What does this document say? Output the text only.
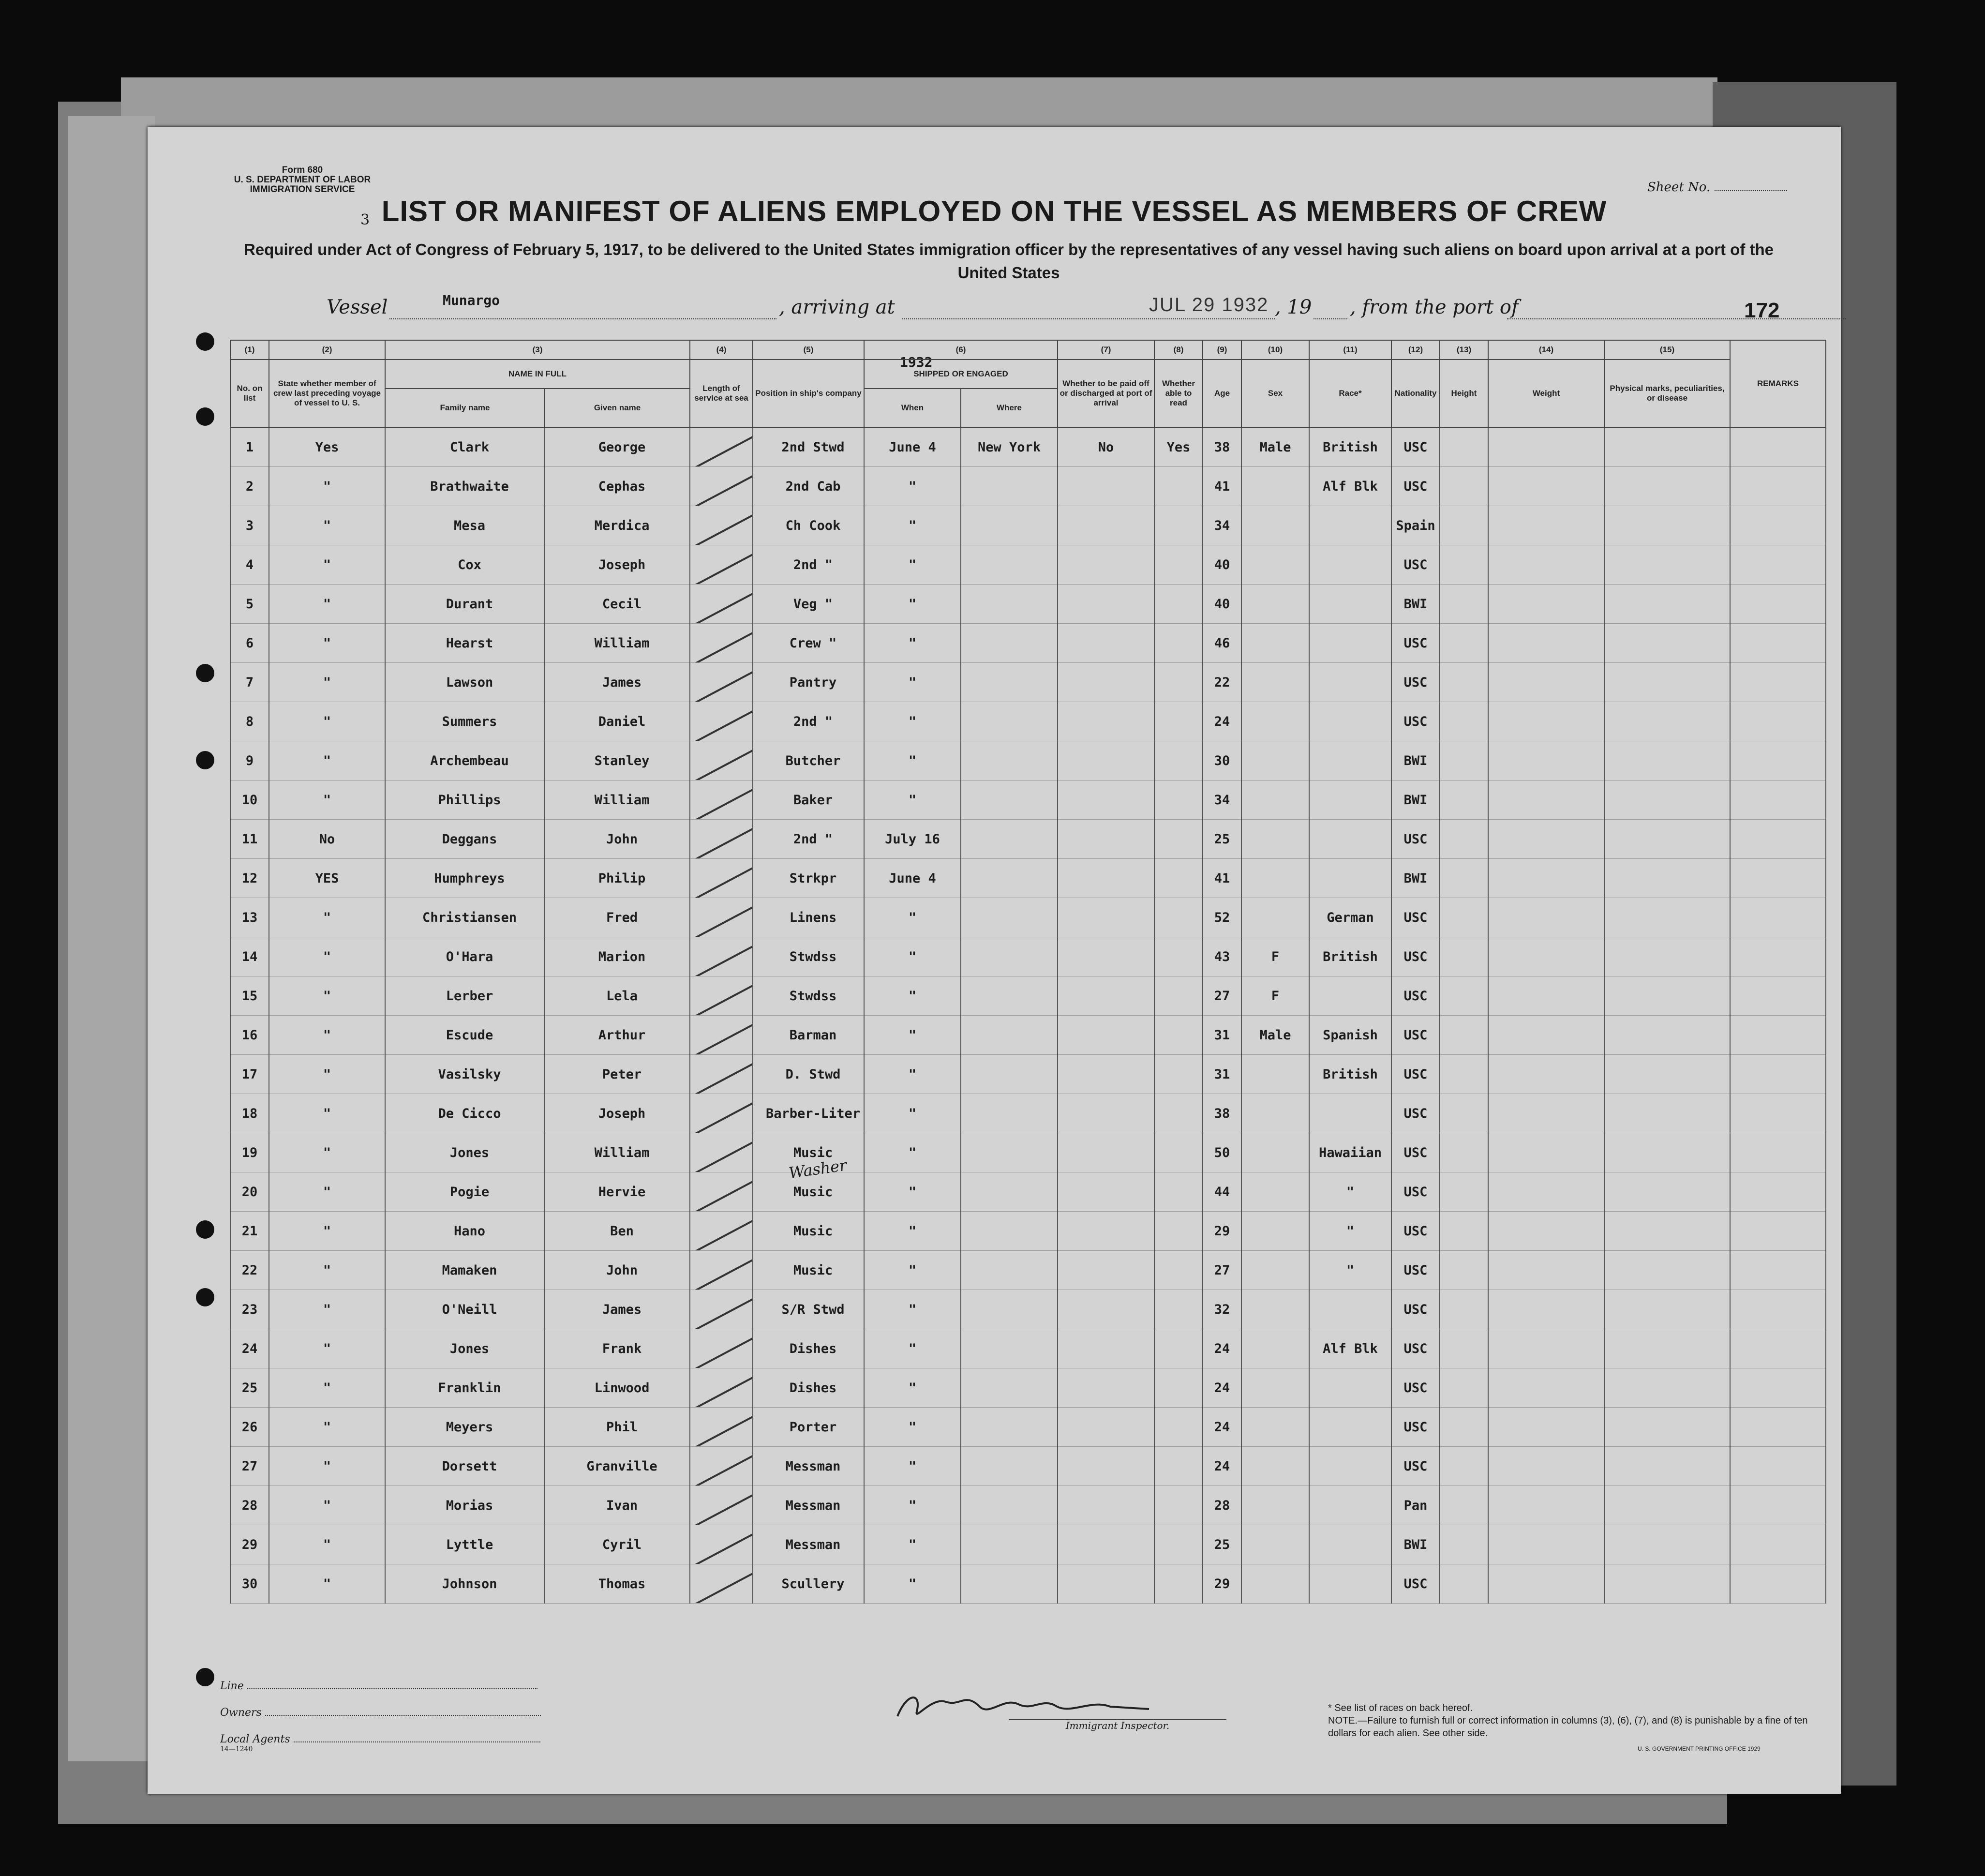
Form 680
U. S. DEPARTMENT OF LABOR
IMMIGRATION SERVICE
3
Sheet No.
LIST OR MANIFEST OF ALIENS EMPLOYED ON THE VESSEL AS MEMBERS OF CREW
Required under Act of Congress of February 5, 1917, to be delivered to the United States immigration officer by the representatives of any vessel having such aliens on board upon arrival at a port of the United States
Vessel	Munargo	, arriving at	JUL 29 1932 , 19 , from the port of	172
1932
(1)	(2)	(3)		(4)	(5)	(6)		(7)	(8)	(9)	(10)	(11)	(12)	(13)	(14)	(15)	REMARKS
No. on list	State whether member of crew last preceding voyage of vessel to U. S.	NAME IN FULL		Length of service at sea	Position in ship's company	SHIPPED OR ENGAGED		Whether to be paid off or discharged at port of arrival	Whether able to read	Age	Sex	Race*	Nationality	Height	Weight	Physical marks, peculiarities, or disease	
		Family name	Given name			When	Where										
1	Yes	Clark	George		2nd Stwd	June 4	New York	No	Yes	38	Male	British	USC				
2	"	Brathwaite	Cephas		2nd Cab	"				41		Alf Blk	USC				
3	"	Mesa	Merdica		Ch Cook	"				34			Spain				
4	"	Cox	Joseph		2nd "	"				40			USC				
5	"	Durant	Cecil		Veg "	"				40			BWI				
6	"	Hearst	William		Crew "	"				46			USC				
7	"	Lawson	James		Pantry	"				22			USC				
8	"	Summers	Daniel		2nd "	"				24			USC				
9	"	Archembeau	Stanley		Butcher	"				30			BWI				
10	"	Phillips	William		Baker	"				34			BWI				
11	No	Deggans	John		2nd "	July 16				25			USC				
12	YES	Humphreys	Philip		Strkpr	June 4				41			BWI				
13	"	Christiansen	Fred		Linens	"				52		German	USC				
14	"	O'Hara	Marion		Stwdss	"				43	F	British	USC				
15	"	Lerber	Lela		Stwdss	"				27	F		USC				
16	"	Escude	Arthur		Barman	"				31	Male	Spanish	USC				
17	"	Vasilsky	Peter		D. Stwd	"				31		British	USC				
18	"	De Cicco	Joseph		Barber-Liter	"				38			USC				
19	"	Jones	William		Music	"				50		Hawaiian	USC				
20	"	Pogie	Hervie		Music	"				44		"	USC				
21	"	Hano	Ben		Music	"				29		"	USC				
22	"	Mamaken	John		Music	"				27		"	USC				
23	"	O'Neill	James		S/R Stwd	"				32			USC				
24	"	Jones	Frank		Dishes	"				24		Alf Blk	USC				
25	"	Franklin	Linwood		Dishes	"				24			USC				
26	"	Meyers	Phil		Porter	"				24			USC				
27	"	Dorsett	Granville		Messman	"				24			USC				
28	"	Morias	Ivan		Messman	"				28			Pan				
29	"	Lyttle	Cyril		Messman	"				25			BWI				
30	"	Johnson	Thomas		Scullery	"				29			USC				
Washer
Line
Owners
Local Agents
14—1240
Immigrant Inspector.
* See list of races on back hereof.
NOTE.—Failure to furnish full or correct information in columns (3), (6), (7), and (8) is punishable by a fine of ten dollars for each alien. See other side.
U. S. GOVERNMENT PRINTING OFFICE 1929
